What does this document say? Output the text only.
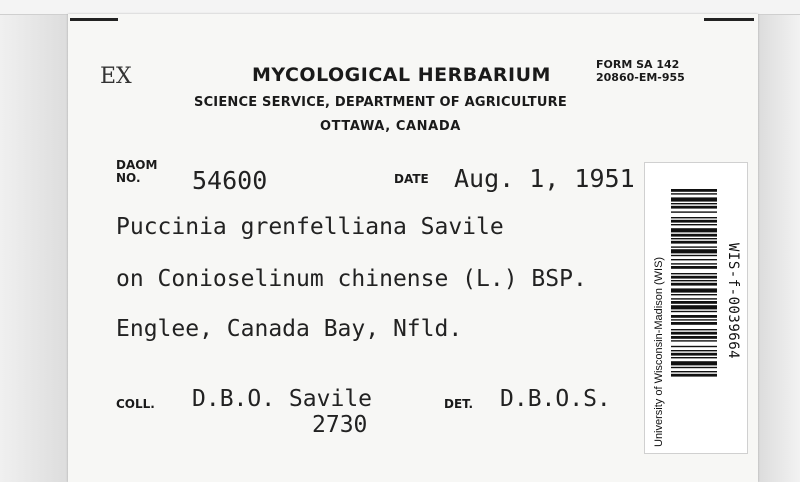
EX	MYCOLOGICAL HERBARIUM	FORM SA 142
20860-EM-955
SCIENCE SERVICE, DEPARTMENT OF AGRICULTURE
OTTAWA, CANADA
DAOM
NO.	54600	DATE Aug. 1, 1951
Puccinia grenfelliana Savile
on Conioselinum chinense (L.) BSP.
Englee, Canada Bay, Nfld.
COLL. D.B.O. Savile
2730
DET. D.B.O.S.	University of Wisconsin-Madison (WIS)	WIS-f-0039664
